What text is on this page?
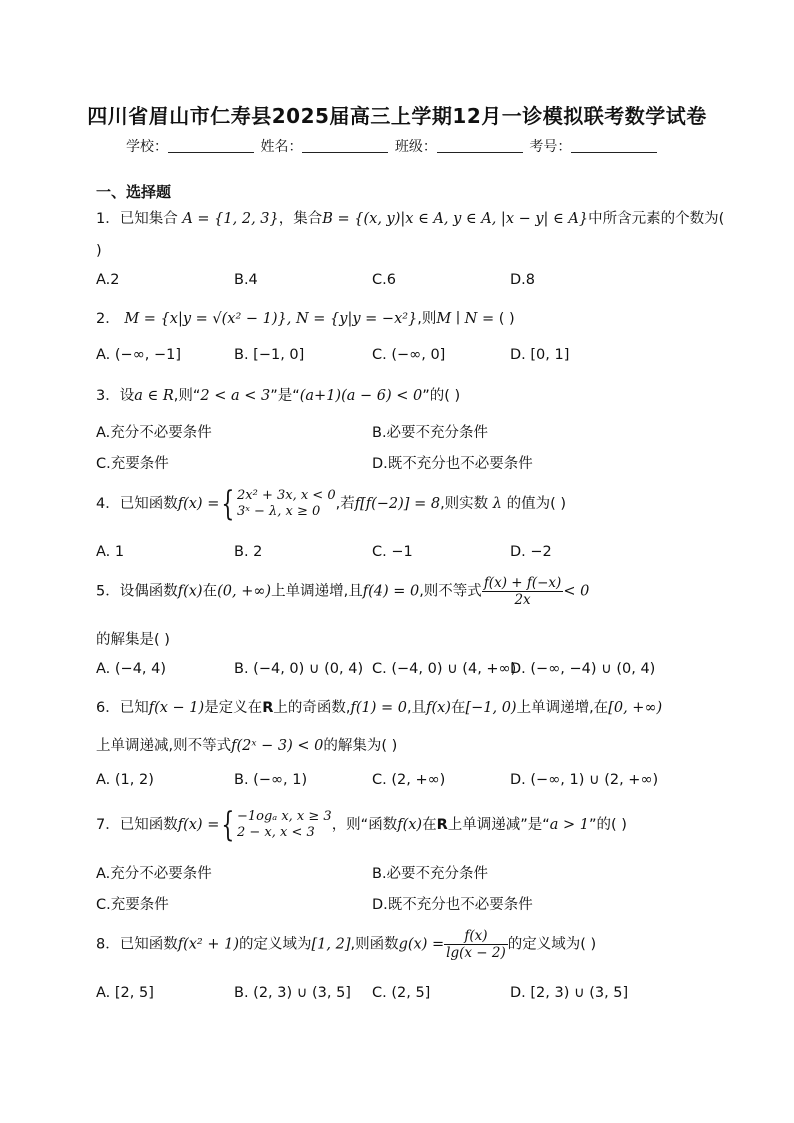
四川省眉山市仁寿县2025届高三上学期12月一诊模拟联考数学试卷
学校：	姓名：	班级：	考号：
一、选择题
1．已知集合 A = {1, 2, 3}，集合B = {(x, y)|x ∈ A, y ∈ A, |x − y| ∈ A}中所含元素的个数为(
)
A.2	B.4	C.6	D.8
2． M = {x|y = √(x² − 1)}, N = {y|y = −x²},则M ∣ N = ( )
A. (−∞, −1]	B. [−1, 0]	C. (−∞, 0]	D. [0, 1]
3．设a ∈ R,则“2 < a < 3”是“(a+1)(a − 6) < 0”的( )
A.充分不必要条件	B.必要不充分条件
C.充要条件	D.既不充分也不必要条件
4．已知函数f(x) ={ 2x² + 3x, x < 0
3ˣ − λ, x ≥ 0	,若f[f(−2)] = 8,则实数 λ 的值为( )
A. 1	B. 2	C. −1	D. −2
5．设偶函数f(x)在(0, +∞)上单调递增,且f(4) = 0,则不等式 $\frac{f(x) + f(-x)}{2x} < 0$
的解集是( )
A. (−4, 4)	B. (−4, 0) ∪ (0, 4) C. (−4, 0) ∪ (4, +∞)
D. (−∞, −4) ∪ (0, 4)
6．已知f(x − 1)是定义在R上的奇函数,f(1) = 0,且f(x)在[−1, 0)上单调递增,在[0, +∞)
上单调递减,则不等式f(2ˣ − 3) < 0的解集为( )
A. (1, 2)	B. (−∞, 1)	C. (2, +∞)	D. (−∞, 1) ∪ (2, +∞)
7．已知函数f(x) ={ −1ogₐ x, x ≥ 3
2 − x, x < 3	，则“函数f(x)在R上单调递减”是“a > 1”的( )
A.充分不必要条件	B.必要不充分条件
C.充要条件	D.既不充分也不必要条件
8．已知函数f(x² + 1)的定义域为[1, 2],则函数$g(x) = \frac{f(x)}{\lg(x - 2)}$ 的定义域为( )
A. [2, 5]	B. (2, 3) ∪ (3, 5] C. (2, 5]	D. [2, 3) ∪ (3, 5]
